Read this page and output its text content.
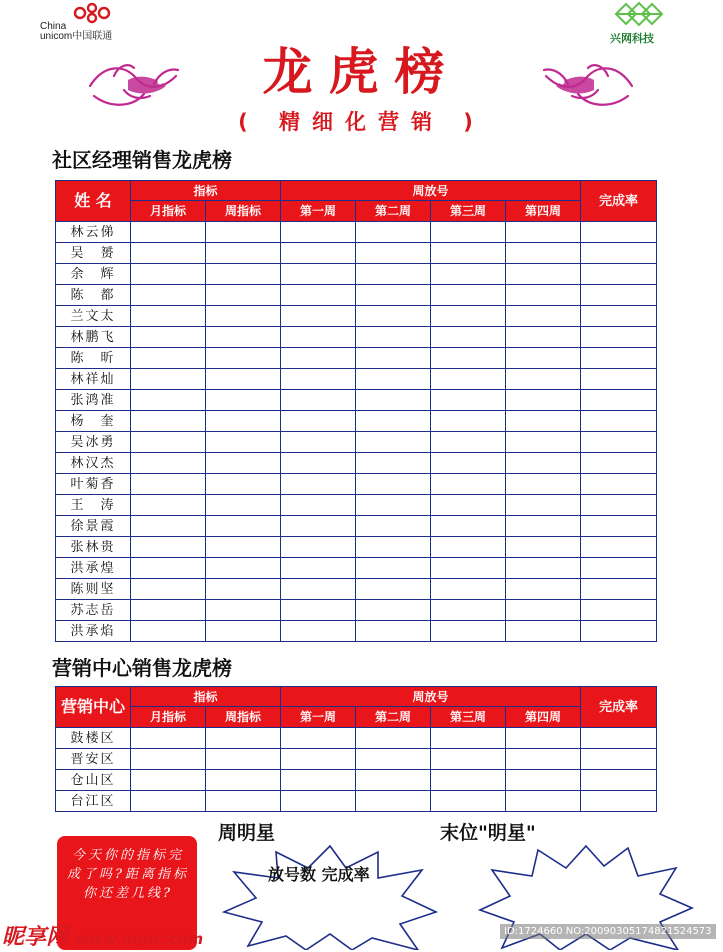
China
unicom中国联通	兴网科技
龙虎榜
( 精细化营销 )
社区经理销售龙虎榜
姓 名	指标		周放号				完成率
	月指标	周指标	第一周	第二周	第三周	第四周	
林云俤							
吴　赟							
余　辉							
陈　都							
兰文太							
林鹏飞							
陈　昕							
林祥灿							
张鸿准							
杨　奎							
吴冰勇							
林汉杰							
叶菊香							
王　涛							
徐景霞							
张林贵							
洪承煌							
陈则坚							
苏志岳							
洪承焰							
营销中心销售龙虎榜
营销中心	指标		周放号				完成率
	月指标	周指标	第一周	第二周	第三周	第四周	
鼓楼区							
晋安区							
仓山区							
台江区							
今天你的指标完成了吗?距离指标你还差几线?
周明星	末位"明星"
放号数 完成率
昵享网 www.nipic.com	ID:1724660 NO:20090305174821524573
